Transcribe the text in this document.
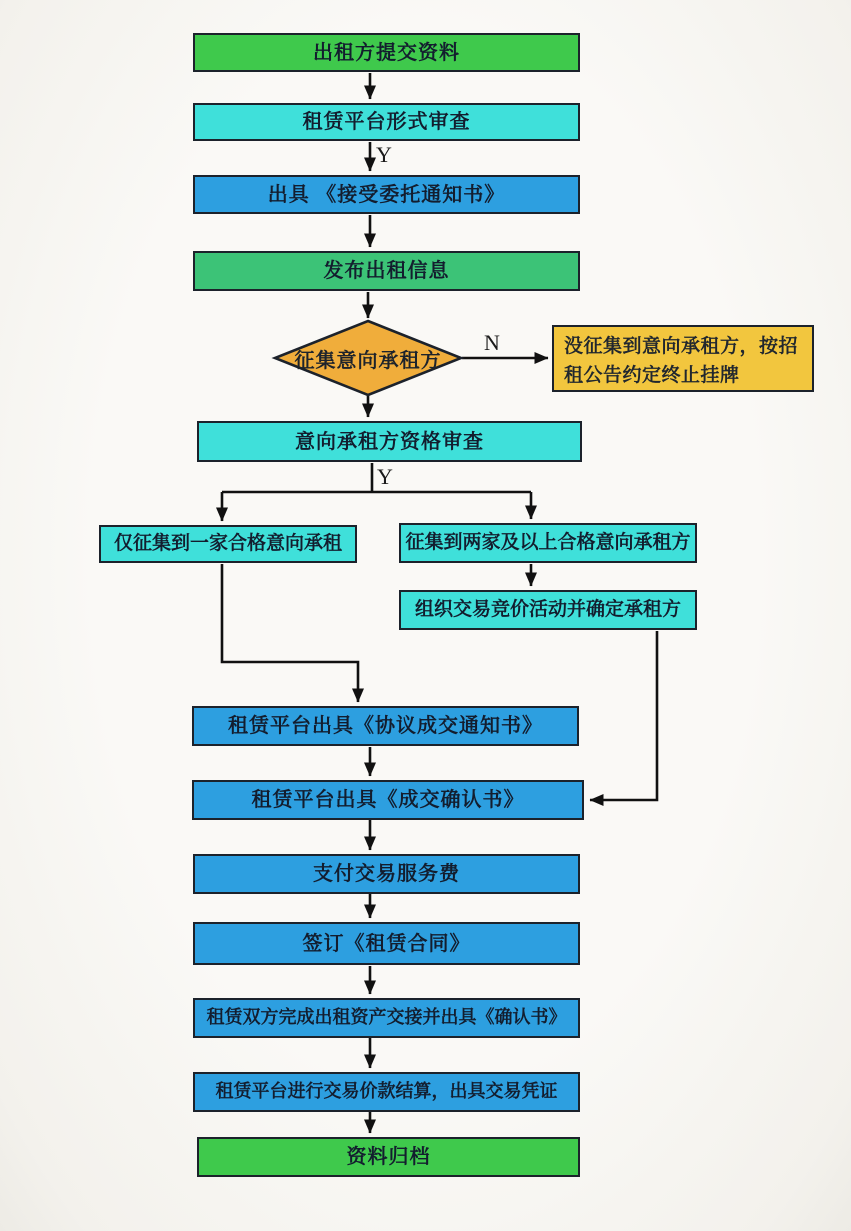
出租方提交资料
租赁平台形式审查
出具 《接受委托通知书》
发布出租信息
征集意向承租方
没征集到意向承租方，按招租公告约定终止挂牌
意向承租方资格审查
仅征集到一家合格意向承租	征集到两家及以上合格意向承租方
组织交易竞价活动并确定承租方
租赁平台出具《协议成交通知书》
租赁平台出具《成交确认书》
支付交易服务费
签订《租赁合同》
租赁双方完成出租资产交接并出具《确认书》
租赁平台进行交易价款结算，出具交易凭证
资料归档
Y
N
Y
